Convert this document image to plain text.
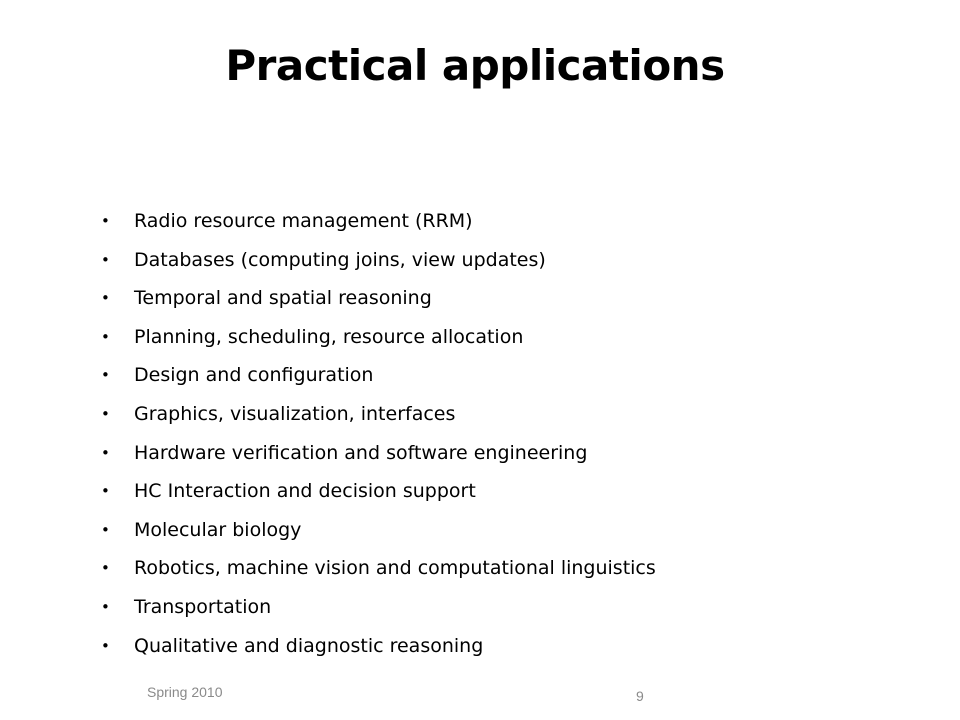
Practical applications
• Radio resource management (RRM)
• Databases (computing joins, view updates)
• Temporal and spatial reasoning
• Planning, scheduling, resource allocation
• Design and configuration
• Graphics, visualization, interfaces
• Hardware verification and software engineering
• HC Interaction and decision support
• Molecular biology
• Robotics, machine vision and computational linguistics
• Transportation
• Qualitative and diagnostic reasoning
Spring 2010	9
